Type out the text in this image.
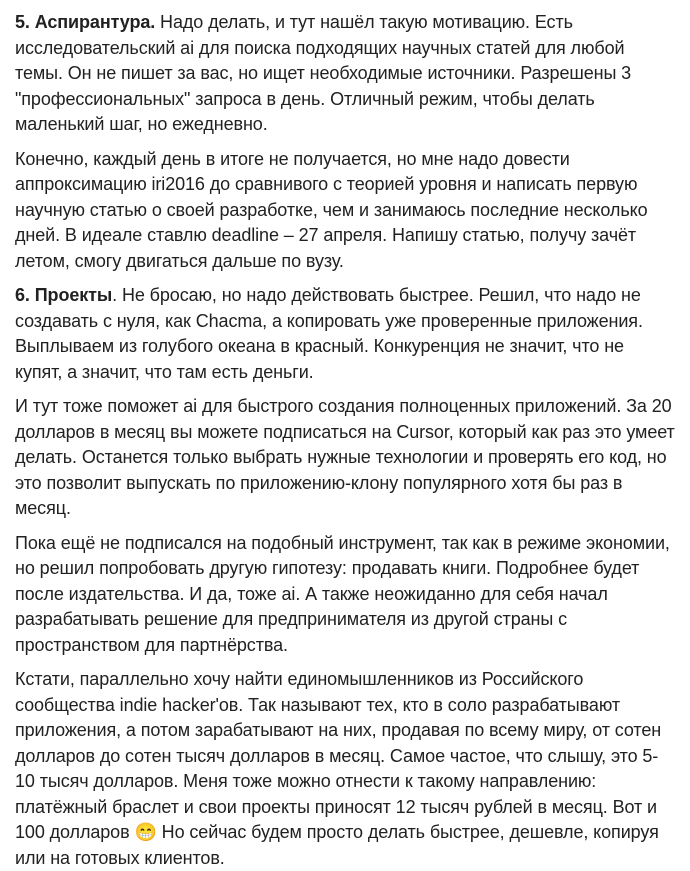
5. Аспирантура. Надо делать, и тут нашёл такую мотивацию. Есть исследовательский ai для поиска подходящих научных статей для любой темы. Он не пишет за вас, но ищет необходимые источники. Разрешены 3 "профессиональных" запроса в день. Отличный режим, чтобы делать маленький шаг, но ежедневно.

Конечно, каждый день в итоге не получается, но мне надо довести аппроксимацию iri2016 до сравнивого с теорией уровня и написать первую научную статью о своей разработке, чем и занимаюсь последние несколько дней. В идеале ставлю deadline – 27 апреля. Напишу статью, получу зачёт летом, смогу двигаться дальше по вузу.

6. Проекты. Не бросаю, но надо действовать быстрее. Решил, что надо не создавать с нуля, как Chacma, а копировать уже проверенные приложения. Выплываем из голубого океана в красный. Конкуренция не значит, что не купят, а значит, что там есть деньги.

И тут тоже поможет ai для быстрого создания полноценных приложений. За 20 долларов в месяц вы можете подписаться на Cursor, который как раз это умеет делать. Останется только выбрать нужные технологии и проверять его код, но это позволит выпускать по приложению-клону популярного хотя бы раз в месяц.

Пока ещё не подписался на подобный инструмент, так как в режиме экономии, но решил попробовать другую гипотезу: продавать книги. Подробнее будет после издательства. И да, тоже ai. А также неожиданно для себя начал разрабатывать решение для предпринимателя из другой страны с пространством для партнёрства.

Кстати, параллельно хочу найти единомышленников из Российского сообщества indie hacker'ов. Так называют тех, кто в соло разрабатывают приложения, а потом зарабатывают на них, продавая по всему миру, от сотен долларов до сотен тысяч долларов в месяц. Самое частое, что слышу, это 5-10 тысяч долларов. Меня тоже можно отнести к такому направлению: платёжный браслет и свои проекты приносят 12 тысяч рублей в месяц. Вот и 100 долларов 😁 Но сейчас будем просто делать быстрее, дешевле, копируя или на готовых клиентов.
